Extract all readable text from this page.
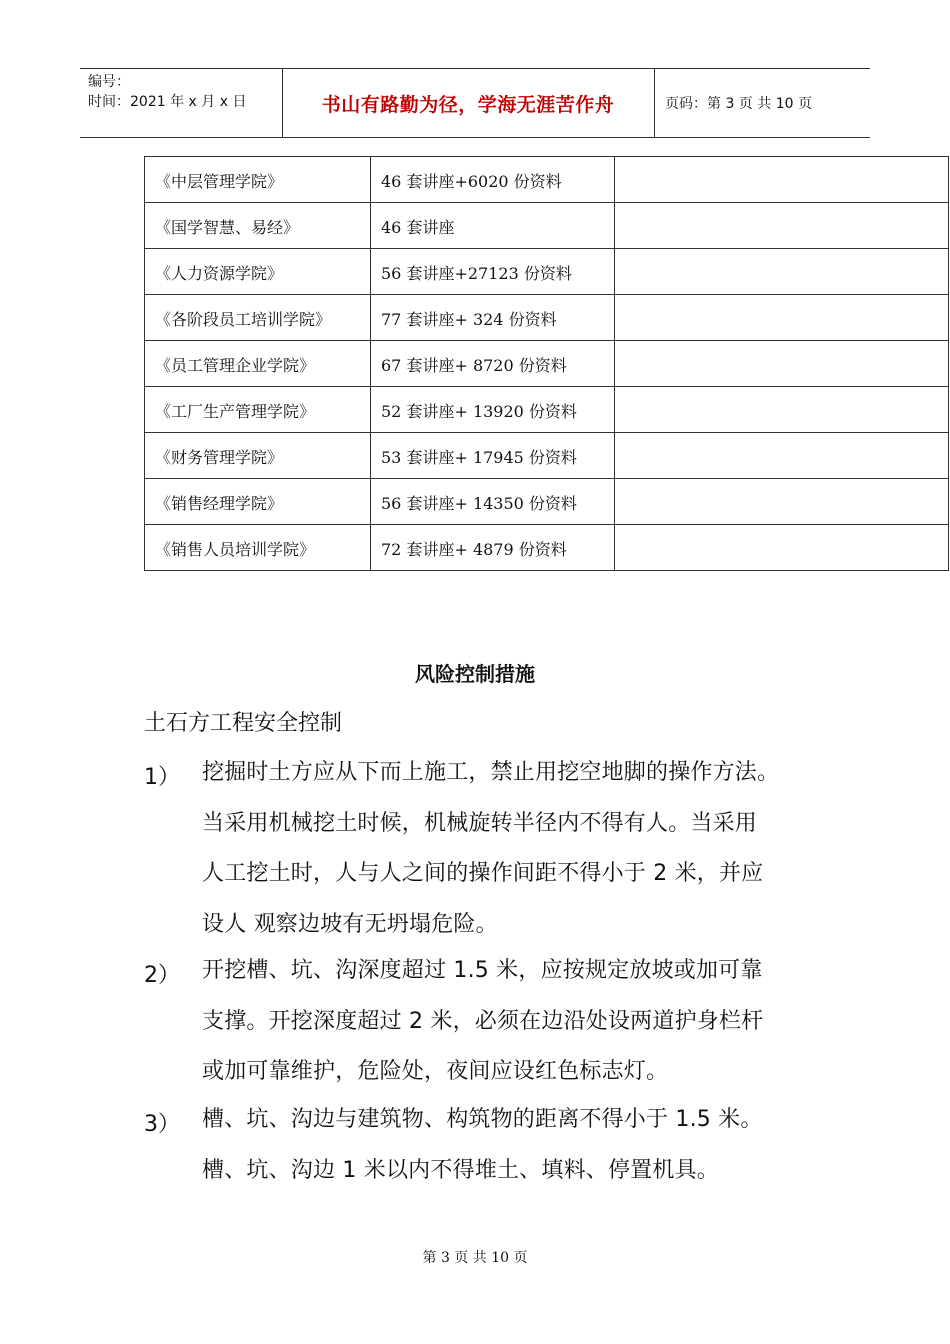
编号：
时间：2021 年 x 月 x 日	书山有路勤为径，学海无涯苦作舟	页码：第 3 页 共 10 页
《中层管理学院》	46 套讲座+6020 份资料	
《国学智慧、易经》	46 套讲座	
《人力资源学院》	56 套讲座+27123 份资料	
《各阶段员工培训学院》	77 套讲座+ 324 份资料	
《员工管理企业学院》	67 套讲座+ 8720 份资料	
《工厂生产管理学院》	52 套讲座+ 13920 份资料	
《财务管理学院》	53 套讲座+ 17945 份资料	
《销售经理学院》	56 套讲座+ 14350 份资料	
《销售人员培训学院》	72 套讲座+ 4879 份资料	
风险控制措施
土石方工程安全控制
1） 挖掘时土方应从下而上施工，禁止用挖空地脚的操作方法。
当采用机械挖土时候，机械旋转半径内不得有人。当采用
人工挖土时，人与人之间的操作间距不得小于 2 米，并应
设人 观察边坡有无坍塌危险。
2） 开挖槽、坑、沟深度超过 1.5 米，应按规定放坡或加可靠
支撑。开挖深度超过 2 米，必须在边沿处设两道护身栏杆
或加可靠维护，危险处，夜间应设红色标志灯。
3） 槽、坑、沟边与建筑物、构筑物的距离不得小于 1.5 米。
槽、坑、沟边 1 米以内不得堆土、填料、停置机具。
第 3 页 共 10 页
